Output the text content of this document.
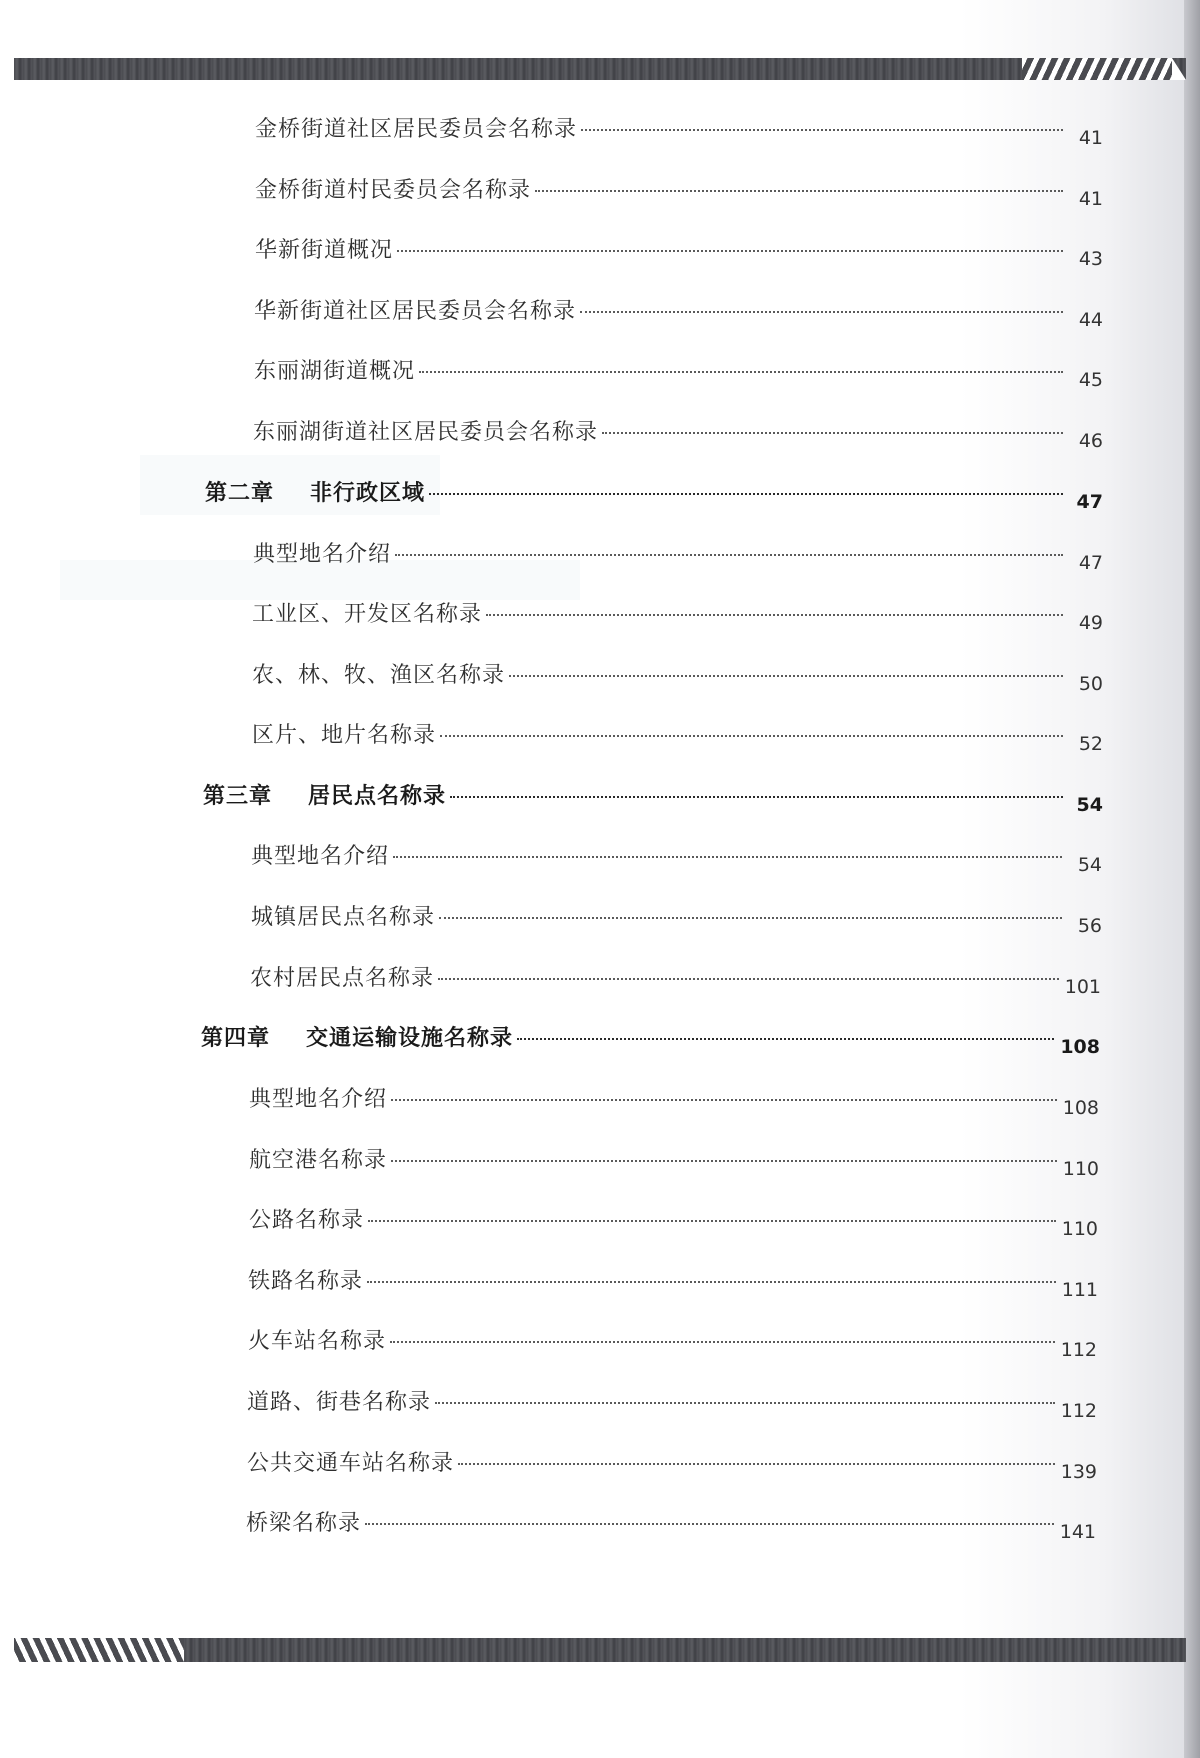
金桥街道社区居民委员会名称录	41
金桥街道村民委员会名称录	41
华新街道概况	43
华新街道社区居民委员会名称录	44
东丽湖街道概况	45
东丽湖街道社区居民委员会名称录	46
第二章 非行政区域	47
典型地名介绍	47
工业区、开发区名称录	49
农、林、牧、渔区名称录	50
区片、地片名称录	52
第三章 居民点名称录	54
典型地名介绍	54
城镇居民点名称录	56
农村居民点名称录	101
第四章 交通运输设施名称录	108
典型地名介绍	108
航空港名称录	110
公路名称录	110
铁路名称录	111
火车站名称录	112
道路、街巷名称录	112
公共交通车站名称录	139
桥梁名称录	141
